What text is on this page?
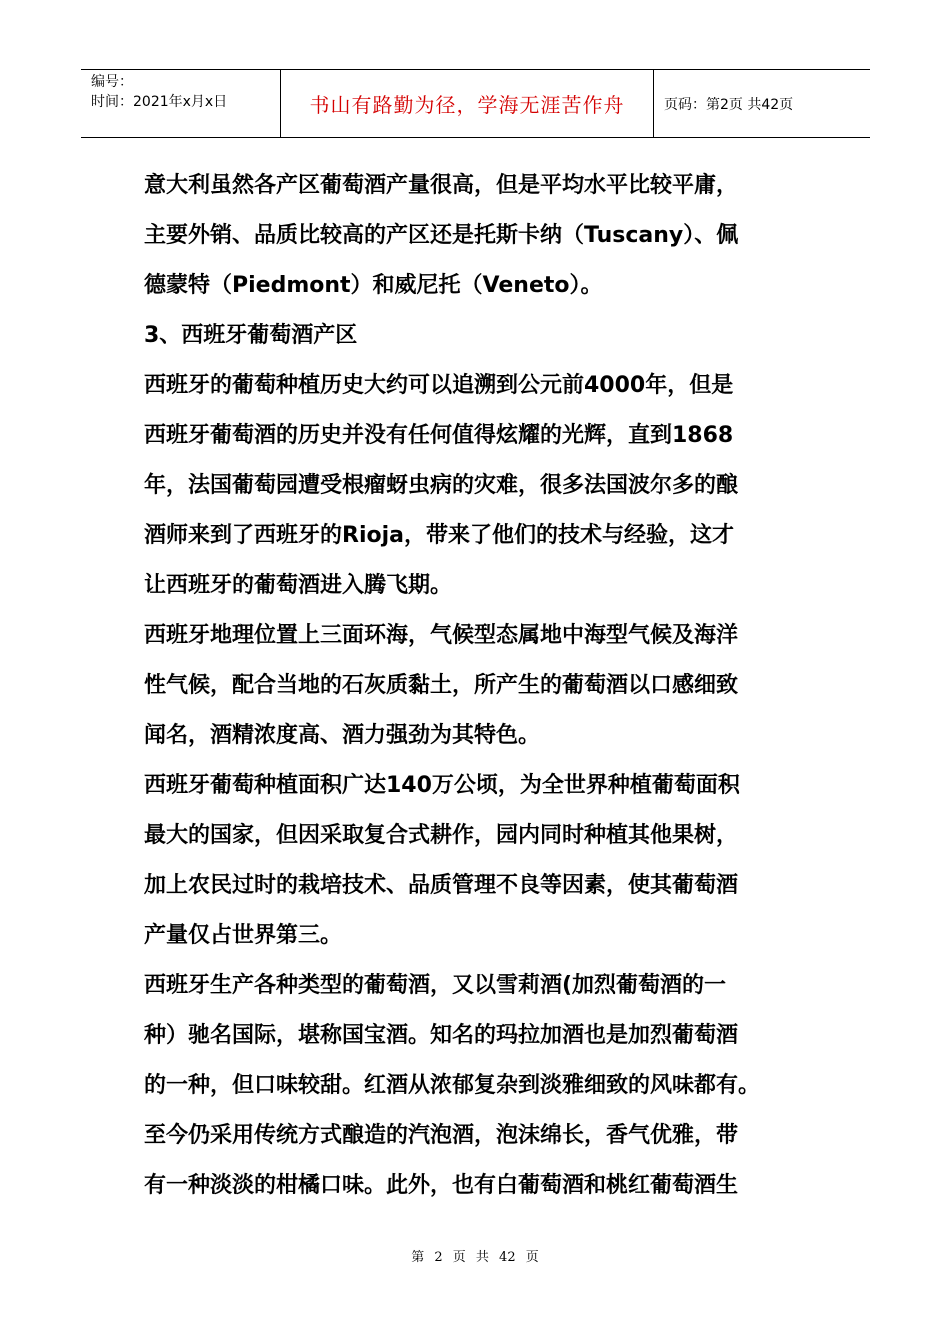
编号：
时间：2021年x月x日	书山有路勤为径，学海无涯苦作舟	页码：第2页 共42页

意大利虽然各产区葡萄酒产量很高，但是平均水平比较平庸，

主要外销、品质比较高的产区还是托斯卡纳（Tuscany）、佩

德蒙特（Piedmont）和威尼托（Veneto）。

3、西班牙葡萄酒产区

西班牙的葡萄种植历史大约可以追溯到公元前4000年，但是

西班牙葡萄酒的历史并没有任何值得炫耀的光辉，直到1868

年，法国葡萄园遭受根瘤蚜虫病的灾难，很多法国波尔多的酿

酒师来到了西班牙的Rioja，带来了他们的技术与经验，这才

让西班牙的葡萄酒进入腾飞期。

西班牙地理位置上三面环海，气候型态属地中海型气候及海洋

性气候，配合当地的石灰质黏土，所产生的葡萄酒以口感细致

闻名，酒精浓度高、酒力强劲为其特色。

西班牙葡萄种植面积广达140万公顷，为全世界种植葡萄面积

最大的国家，但因采取复合式耕作，园内同时种植其他果树，

加上农民过时的栽培技术、品质管理不良等因素，使其葡萄酒

产量仅占世界第三。

西班牙生产各种类型的葡萄酒，又以雪莉酒(加烈葡萄酒的一

种）驰名国际，堪称国宝酒。知名的玛拉加酒也是加烈葡萄酒

的一种，但口味较甜。红酒从浓郁复杂到淡雅细致的风味都有。

至今仍采用传统方式酿造的汽泡酒，泡沫绵长，香气优雅，带

有一种淡淡的柑橘口味。此外，也有白葡萄酒和桃红葡萄酒生

第 2 页 共 42 页
